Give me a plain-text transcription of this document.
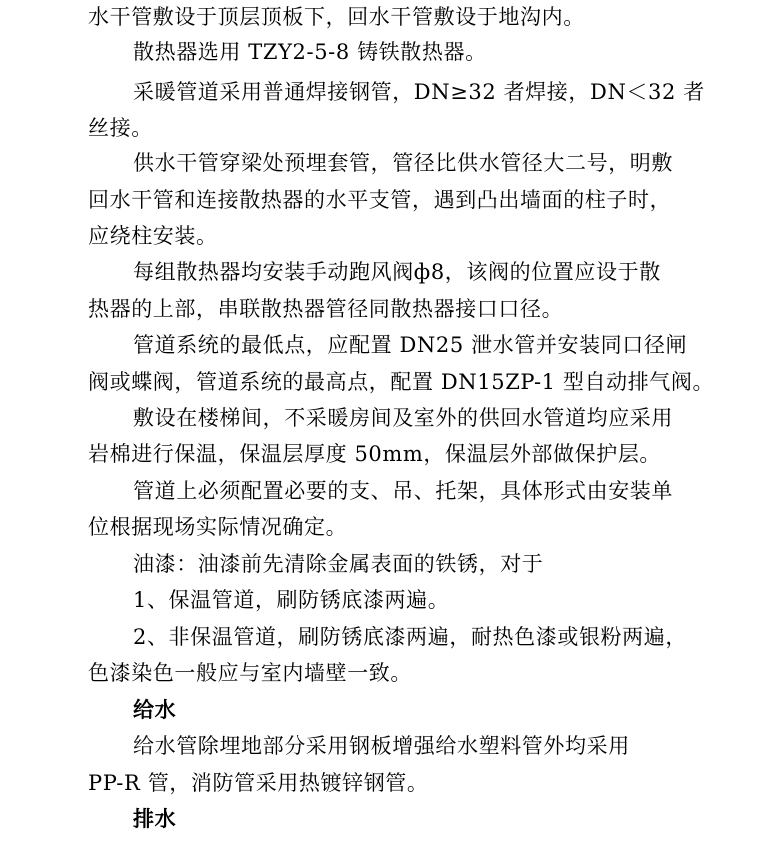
水干管敷设于顶层顶板下，回水干管敷设于地沟内。
散热器选用 TZY2-5-8 铸铁散热器。
采暖管道采用普通焊接钢管，DN≥32 者焊接，DN＜32 者
丝接。
供水干管穿梁处预埋套管，管径比供水管径大二号，明敷
回水干管和连接散热器的水平支管，遇到凸出墙面的柱子时，
应绕柱安装。
每组散热器均安装手动跑风阀ф8，该阀的位置应设于散
热器的上部，串联散热器管径同散热器接口口径。
管道系统的最低点，应配置 DN25 泄水管并安装同口径闸
阀或蝶阀，管道系统的最高点，配置 DN15ZP-1 型自动排气阀。
敷设在楼梯间，不采暖房间及室外的供回水管道均应采用
岩棉进行保温，保温层厚度 50mm，保温层外部做保护层。
管道上必须配置必要的支、吊、托架，具体形式由安装单
位根据现场实际情况确定。
油漆：油漆前先清除金属表面的铁锈，对于
1、保温管道，刷防锈底漆两遍。
2、非保温管道，刷防锈底漆两遍，耐热色漆或银粉两遍，
色漆染色一般应与室内墙壁一致。
给水
给水管除埋地部分采用钢板增强给水塑料管外均采用
PP-R 管，消防管采用热镀锌钢管。
排水
